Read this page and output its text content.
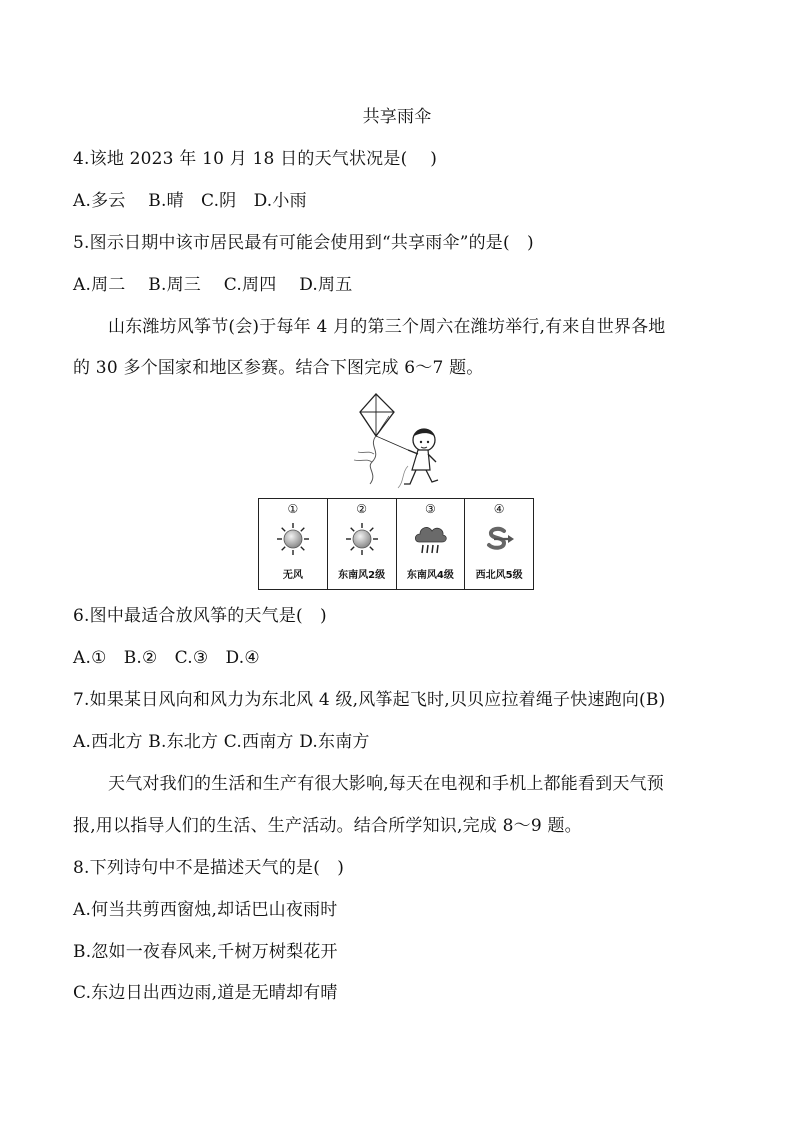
共享雨伞
4.该地 2023 年 10 月 18 日的天气状况是(　 )
A.多云　 B.晴　C.阴　D.小雨
5.图示日期中该市居民最有可能会使用到“共享雨伞”的是(　)
A.周二　 B.周三　 C.周四　 D.周五
山东潍坊风筝节(会)于每年 4 月的第三个周六在潍坊举行,有来自世界各地
的 30 多个国家和地区参赛。结合下图完成 6～7 题。
①
无风
②
东南风2级
③
东南风4级
④
西北风5级
6.图中最适合放风筝的天气是(　)
A.①　B.②　C.③　D.④
7.如果某日风向和风力为东北风 4 级,风筝起飞时,贝贝应拉着绳子快速跑向(B)
A.西北方 B.东北方 C.西南方 D.东南方
天气对我们的生活和生产有很大影响,每天在电视和手机上都能看到天气预
报,用以指导人们的生活、生产活动。结合所学知识,完成 8～9 题。
8.下列诗句中不是描述天气的是(　)
A.何当共剪西窗烛,却话巴山夜雨时
B.忽如一夜春风来,千树万树梨花开
C.东边日出西边雨,道是无晴却有晴
